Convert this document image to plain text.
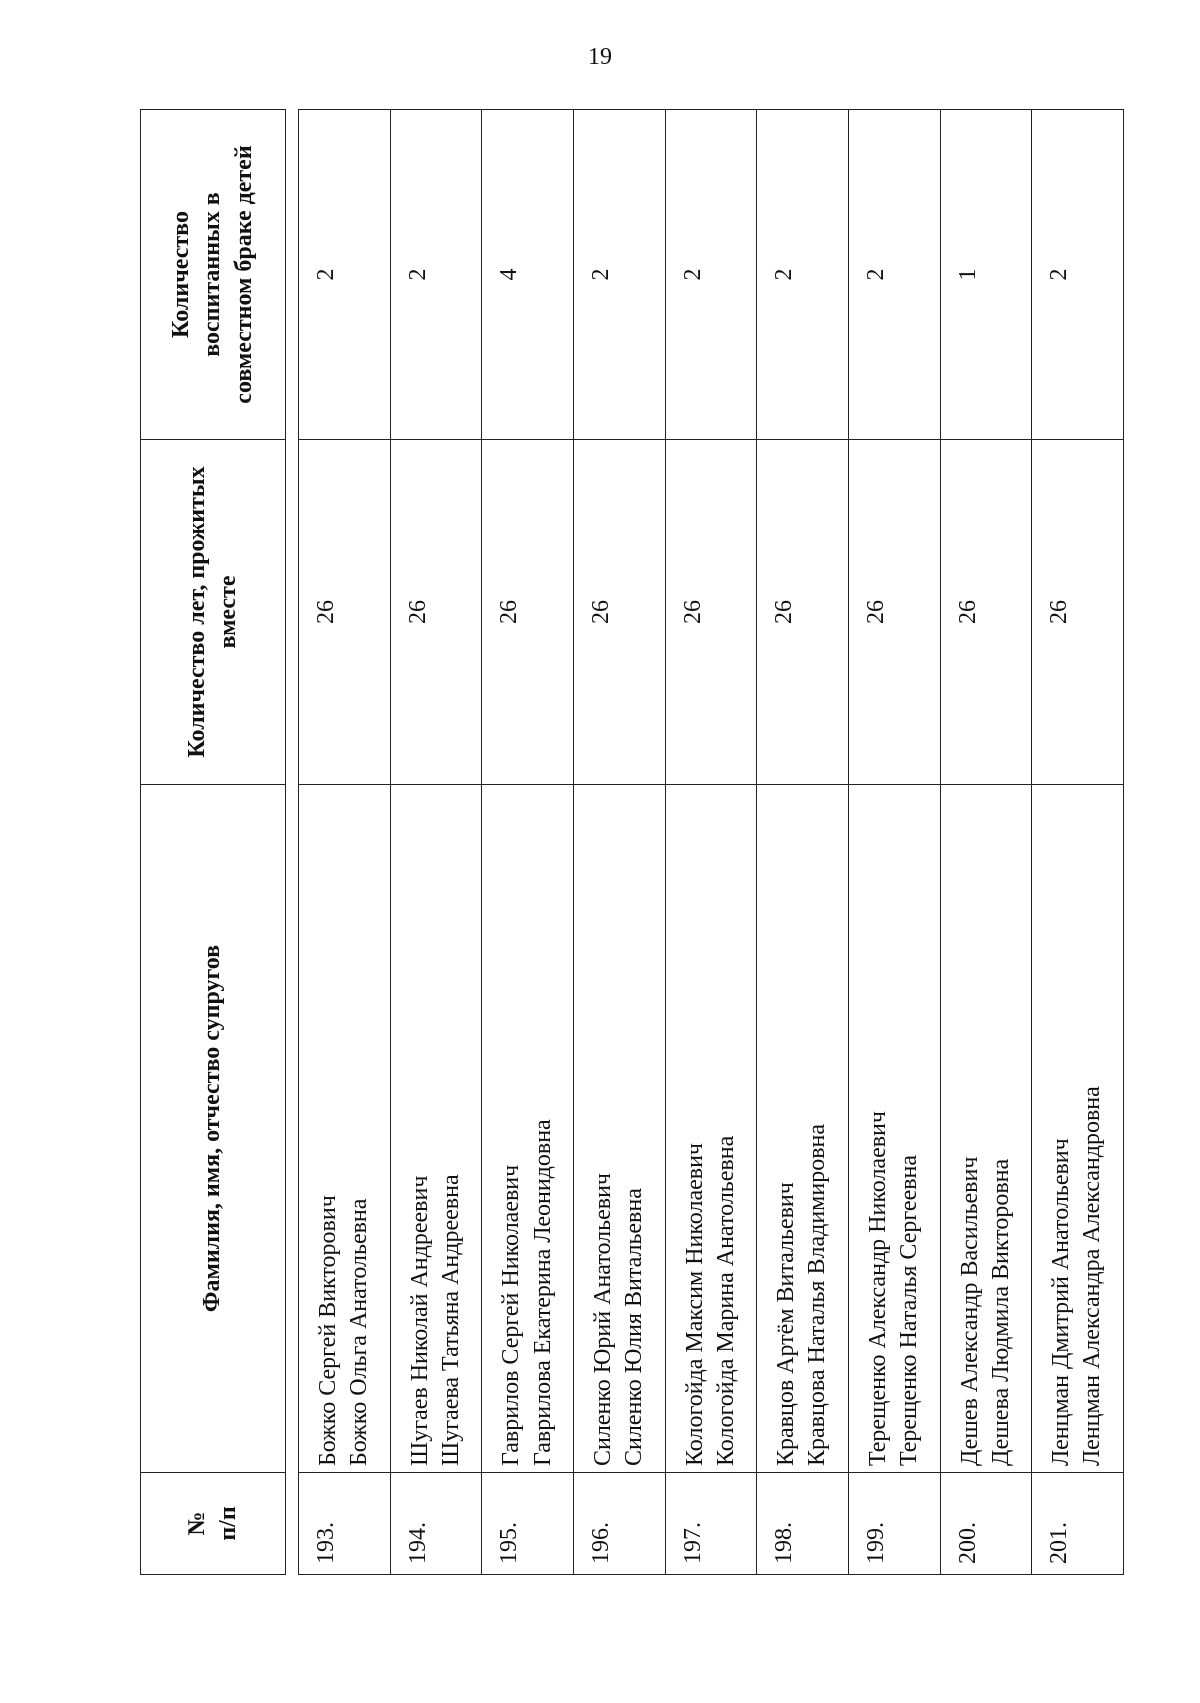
19
№ п/п	Фамилия, имя, отчество супругов	Количество лет, прожитых вместе	Количество воспитанных в совместном браке детей

193.	Божко Сергей Викторович Божко Ольга Анатольевна	26	2
194.	Шугаев Николай Андреевич Шугаева Татьяна Андреевна	26	2
195.	Гаврилов Сергей Николаевич Гаврилова Екатерина Леонидовна	26	4
196.	Силенко Юрий Анатольевич Силенко Юлия Витальевна	26	2
197.	Кологойда Максим Николаевич Кологойда Марина Анатольевна	26	2
198.	Кравцов Артём Витальевич Кравцова Наталья Владимировна	26	2
199.	Терещенко Александр Николаевич Терещенко Наталья Сергеевна	26	2
200.	Дешев Александр Васильевич Дешева Людмила Викторовна	26	1
201.	Ленцман Дмитрий Анатольевич Ленцман Александра Александровна	26	2
